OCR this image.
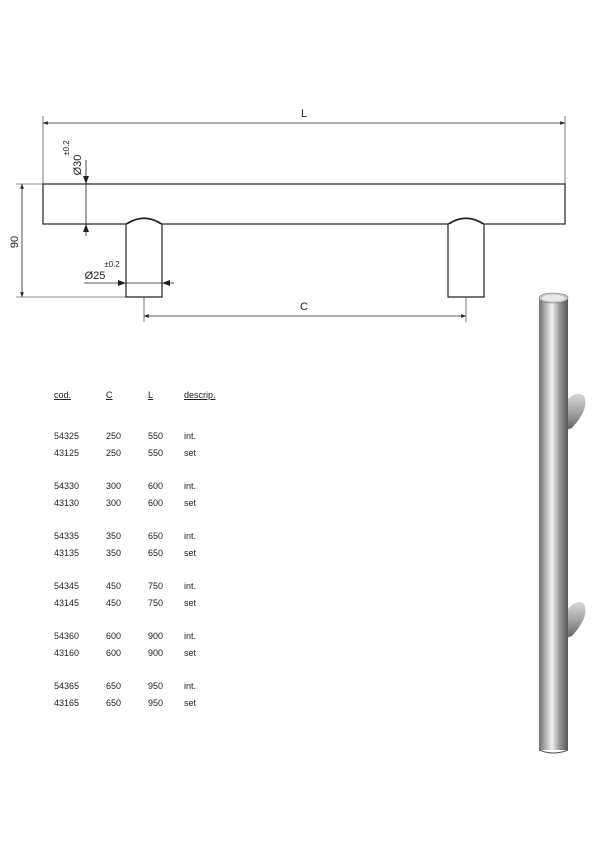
L
C
90
Ø30
±0.2
Ø25
±0.2
cod.	C	L	descrip.
54325	250	550	int.
43125	250	550	set

54330	300	600	int.
43130	300	600	set

54335	350	650	int.
43135	350	650	set

54345	450	750	int.
43145	450	750	set

54360	600	900	int.
43160	600	900	set

54365	650	950	int.
43165	650	950	set
